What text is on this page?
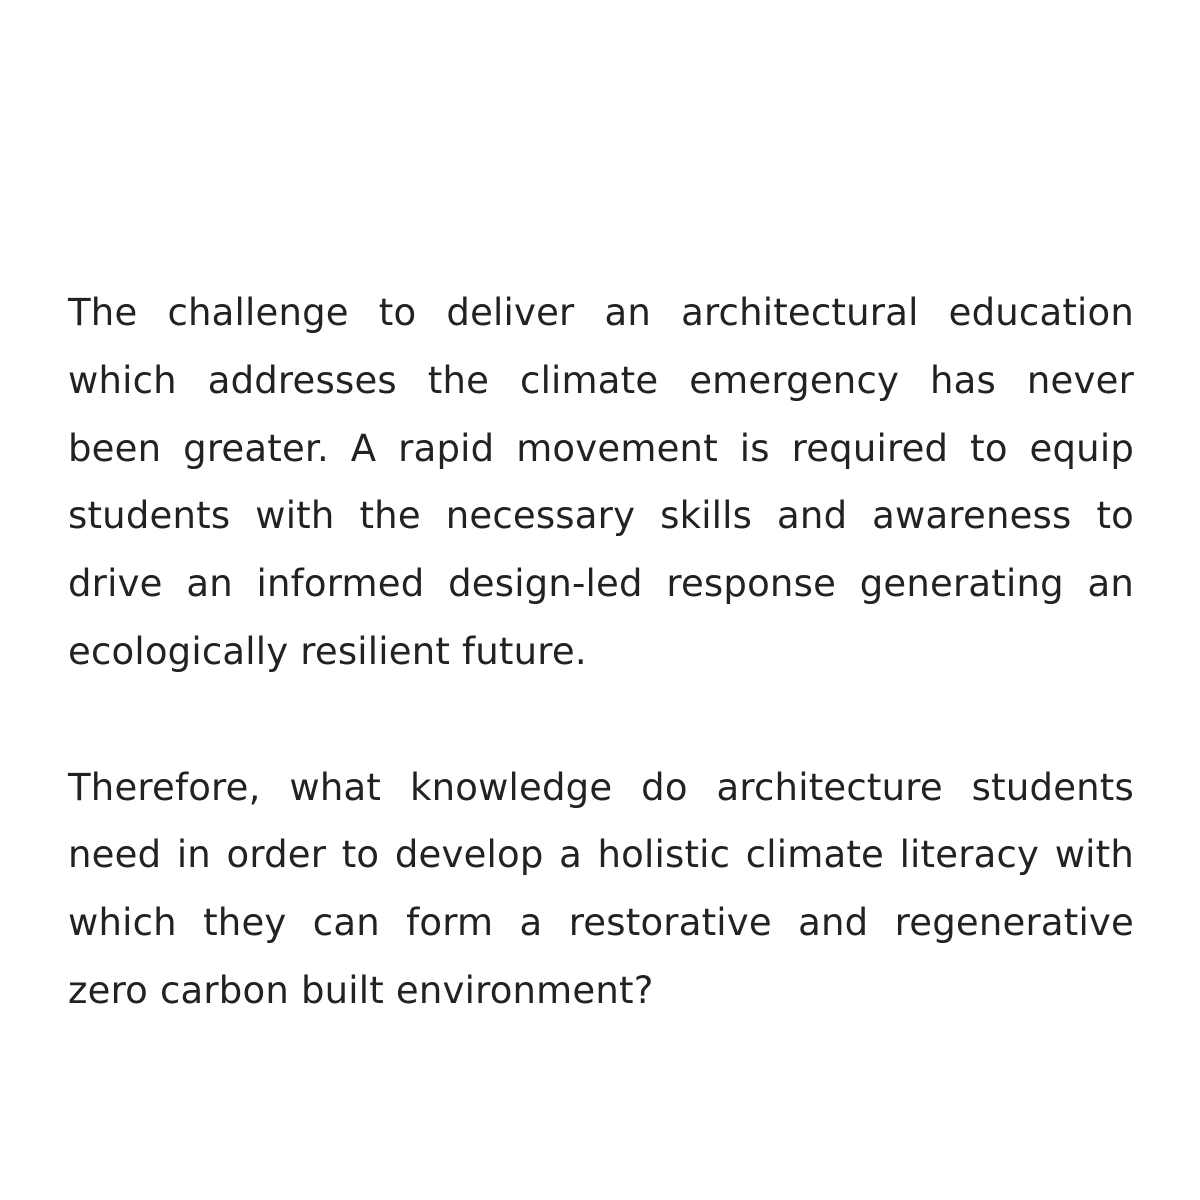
The challenge to deliver an architectural education
which addresses the climate emergency has never
been greater. A rapid movement is required to equip
students with the necessary skills and awareness to
drive an informed design-led response generating an
ecologically resilient future.
Therefore, what knowledge do architecture students
need in order to develop a holistic climate literacy with
which they can form a restorative and regenerative
zero carbon built environment?
